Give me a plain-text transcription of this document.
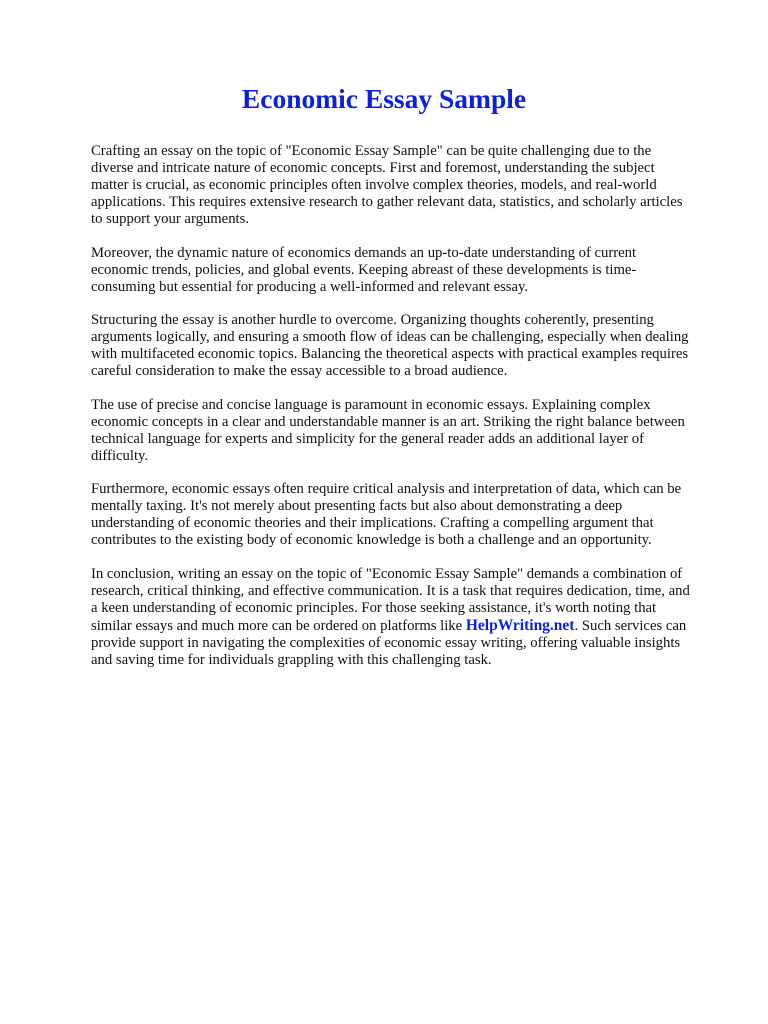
Economic Essay Sample

Crafting an essay on the topic of "Economic Essay Sample" can be quite challenging due to the
diverse and intricate nature of economic concepts. First and foremost, understanding the subject
matter is crucial, as economic principles often involve complex theories, models, and real-world
applications. This requires extensive research to gather relevant data, statistics, and scholarly articles
to support your arguments.

Moreover, the dynamic nature of economics demands an up-to-date understanding of current
economic trends, policies, and global events. Keeping abreast of these developments is time-
consuming but essential for producing a well-informed and relevant essay.

Structuring the essay is another hurdle to overcome. Organizing thoughts coherently, presenting
arguments logically, and ensuring a smooth flow of ideas can be challenging, especially when dealing
with multifaceted economic topics. Balancing the theoretical aspects with practical examples requires
careful consideration to make the essay accessible to a broad audience.

The use of precise and concise language is paramount in economic essays. Explaining complex
economic concepts in a clear and understandable manner is an art. Striking the right balance between
technical language for experts and simplicity for the general reader adds an additional layer of
difficulty.

Furthermore, economic essays often require critical analysis and interpretation of data, which can be
mentally taxing. It's not merely about presenting facts but also about demonstrating a deep
understanding of economic theories and their implications. Crafting a compelling argument that
contributes to the existing body of economic knowledge is both a challenge and an opportunity.

In conclusion, writing an essay on the topic of "Economic Essay Sample" demands a combination of
research, critical thinking, and effective communication. It is a task that requires dedication, time, and
a keen understanding of economic principles. For those seeking assistance, it's worth noting that
similar essays and much more can be ordered on platforms like HelpWriting.net. Such services can
provide support in navigating the complexities of economic essay writing, offering valuable insights
and saving time for individuals grappling with this challenging task.
